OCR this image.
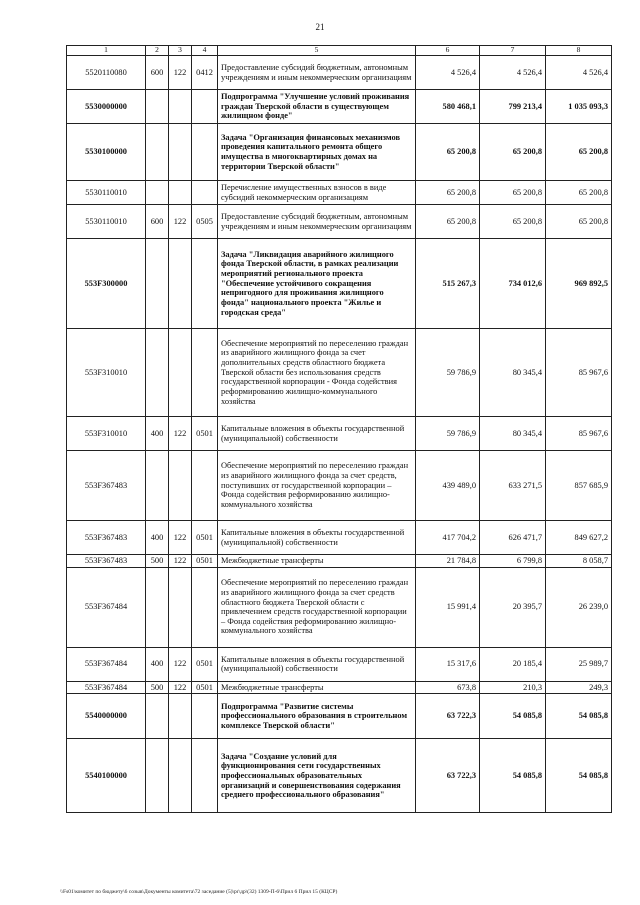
21
1	2	3	4	5	6	7	8
5520110080	600	122	0412	Предоставление субсидий бюджетным, автономным учреждениям и иным некоммерческим организациям	4 526,4	4 526,4	4 526,4
5530000000				Подпрограмма "Улучшение условий проживания граждан Тверской области в существующем жилищном фонде"	580 468,1	799 213,4	1 035 093,3
5530100000				Задача "Организация финансовых механизмов проведения капитального ремонта общего имущества в многоквартирных домах на территории Тверской области"	65 200,8	65 200,8	65 200,8
5530110010				Перечисление имущественных взносов в виде субсидий некоммерческим организациям	65 200,8	65 200,8	65 200,8
5530110010	600	122	0505	Предоставление субсидий бюджетным, автономным учреждениям и иным некоммерческим организациям	65 200,8	65 200,8	65 200,8
553F300000				Задача "Ликвидация аварийного жилищного фонда Тверской области, в рамках реализации мероприятий регионального проекта "Обеспечение устойчивого сокращения непригодного для проживания жилищного фонда" национального проекта "Жилье и городская среда"	515 267,3	734 012,6	969 892,5
553F310010				Обеспечение мероприятий по переселению граждан из аварийного жилищного фонда за счет дополнительных средств областного бюджета Тверской области без использования средств государственной корпорации - Фонда содействия реформированию жилищно-коммунального хозяйства	59 786,9	80 345,4	85 967,6
553F310010	400	122	0501	Капитальные вложения в объекты государственной (муниципальной) собственности	59 786,9	80 345,4	85 967,6
553F367483				Обеспечение мероприятий по переселению граждан из аварийного жилищного фонда за счет средств, поступивших от государственной корпорации – Фонда содействия реформированию жилищно-коммунального хозяйства	439 489,0	633 271,5	857 685,9
553F367483	400	122	0501	Капитальные вложения в объекты государственной (муниципальной) собственности	417 704,2	626 471,7	849 627,2
553F367483	500	122	0501	Межбюджетные трансферты	21 784,8	6 799,8	8 058,7
553F367484				Обеспечение мероприятий по переселению граждан из аварийного жилищного фонда за счет средств областного бюджета Тверской области с привлечением средств государственной корпорации – Фонда содействия реформированию жилищно-коммунального хозяйства	15 991,4	20 395,7	26 239,0
553F367484	400	122	0501	Капитальные вложения в объекты государственной (муниципальной) собственности	15 317,6	20 185,4	25 989,7
553F367484	500	122	0501	Межбюджетные трансферты	673,8	210,3	249,3
5540000000				Подпрограмма "Развитие системы профессионального образования в строительном комплексе Тверской области"	63 722,3	54 085,8	54 085,8
5540100000				Задача "Создание условий для функционирования сети государственных профессиональных образовательных организаций и совершенствования содержания среднего профессионального образования"	63 722,3	54 085,8	54 085,8
\\Fs01\комитет по бюджету\6 созыв\Документы комитета\72 заседание (5)\pr\др\(32) 1309-П-6\Прил 6 Прил 15 (КЦСР)
